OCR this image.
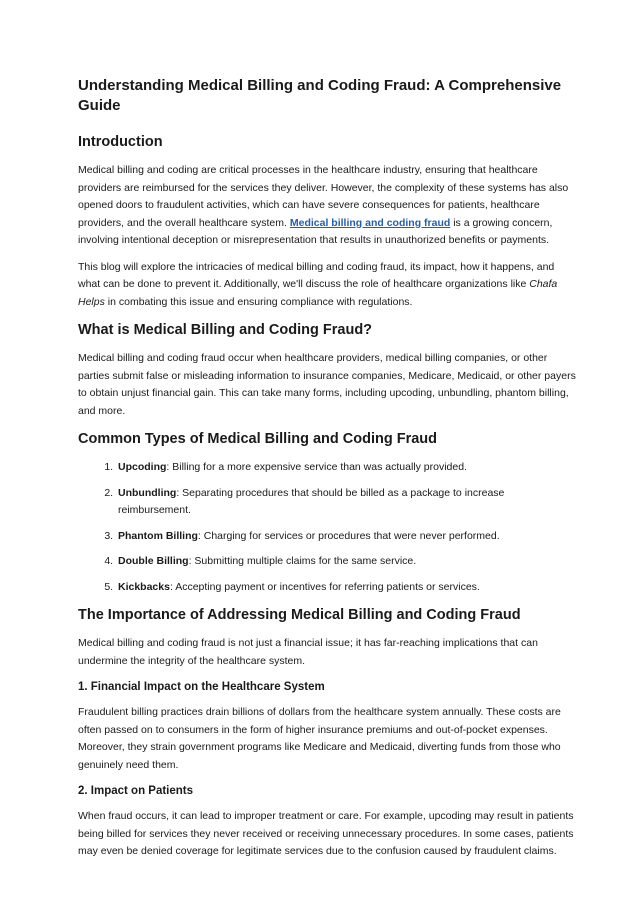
Understanding Medical Billing and Coding Fraud: A Comprehensive Guide
Introduction

Medical billing and coding are critical processes in the healthcare industry, ensuring that healthcare providers are reimbursed for the services they deliver. However, the complexity of these systems has also opened doors to fraudulent activities, which can have severe consequences for patients, healthcare providers, and the overall healthcare system. Medical billing and coding fraud is a growing concern, involving intentional deception or misrepresentation that results in unauthorized benefits or payments.

This blog will explore the intricacies of medical billing and coding fraud, its impact, how it happens, and what can be done to prevent it. Additionally, we'll discuss the role of healthcare organizations like Chafa Helps in combating this issue and ensuring compliance with regulations.

What is Medical Billing and Coding Fraud?

Medical billing and coding fraud occur when healthcare providers, medical billing companies, or other parties submit false or misleading information to insurance companies, Medicare, Medicaid, or other payers to obtain unjust financial gain. This can take many forms, including upcoding, unbundling, phantom billing, and more.

Common Types of Medical Billing and Coding Fraud
1. Upcoding: Billing for a more expensive service than was actually provided.
2. Unbundling: Separating procedures that should be billed as a package to increase reimbursement.
3. Phantom Billing: Charging for services or procedures that were never performed.
4. Double Billing: Submitting multiple claims for the same service.
5. Kickbacks: Accepting payment or incentives for referring patients or services.
The Importance of Addressing Medical Billing and Coding Fraud

Medical billing and coding fraud is not just a financial issue; it has far-reaching implications that can undermine the integrity of the healthcare system.

1. Financial Impact on the Healthcare System

Fraudulent billing practices drain billions of dollars from the healthcare system annually. These costs are often passed on to consumers in the form of higher insurance premiums and out-of-pocket expenses. Moreover, they strain government programs like Medicare and Medicaid, diverting funds from those who genuinely need them.

2. Impact on Patients

When fraud occurs, it can lead to improper treatment or care. For example, upcoding may result in patients being billed for services they never received or receiving unnecessary procedures. In some cases, patients may even be denied coverage for legitimate services due to the confusion caused by fraudulent claims.
